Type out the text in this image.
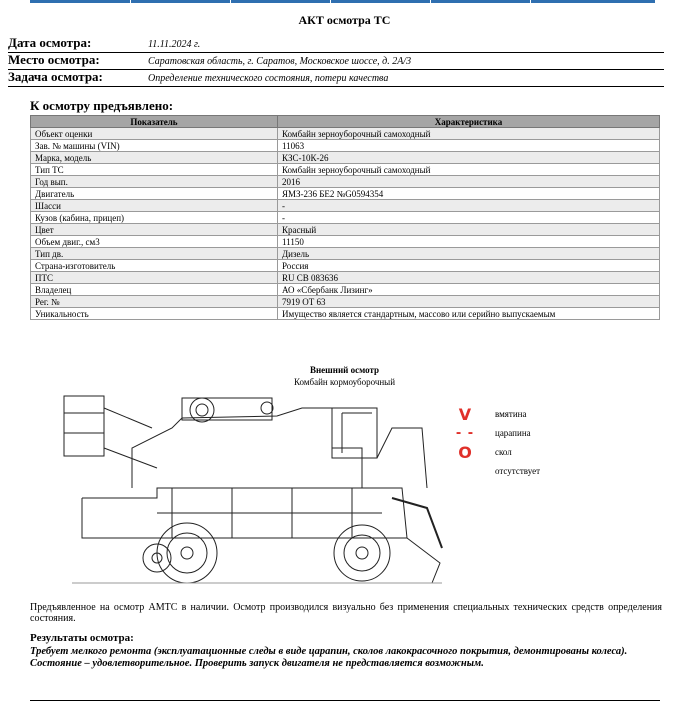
АКТ осмотра ТС
Дата осмотра:	11.11.2024 г.
Место осмотра:	Саратовская область, г. Саратов, Московское шоссе, д. 2А/3
Задача осмотра:	Определение технического состояния, потери качества
К осмотру предъявлено:
Показатель	Характеристика
Объект оценки	Комбайн зерноуборочный самоходный
Зав. № машины (VIN)	11063
Марка, модель	КЗС-10К-26
Тип ТС	Комбайн зерноуборочный самоходный
Год вып.	2016
Двигатель	ЯМЗ-236 БЕ2 №G0594354
Шасси	-
Кузов (кабина, прицеп)	-
Цвет	Красный
Объем двиг., см3	11150
Тип дв.	Дизель
Страна-изготовитель	Россия
ПТС	RU CB 083636
Владелец	АО «Сбербанк Лизинг»
Рег. №	7919 ОТ 63
Уникальность	Имущество является стандартным, массово или серийно выпускаемым
Внешний осмотр
Комбайн кормоуборочный
V	вмятина
- - царапина
O	скол
отсутствует
Предъявленное на осмотр АМТС в наличии. Осмотр производился визуально без применения специальных технических средств определения состояния.
Результаты осмотра:
Требует мелкого ремонта (эксплуатационные следы в виде царапин, сколов лакокрасочного покрытия, демонтированы колеса). Состояние – удовлетворительное. Проверить запуск двигателя не представляется возможным.
